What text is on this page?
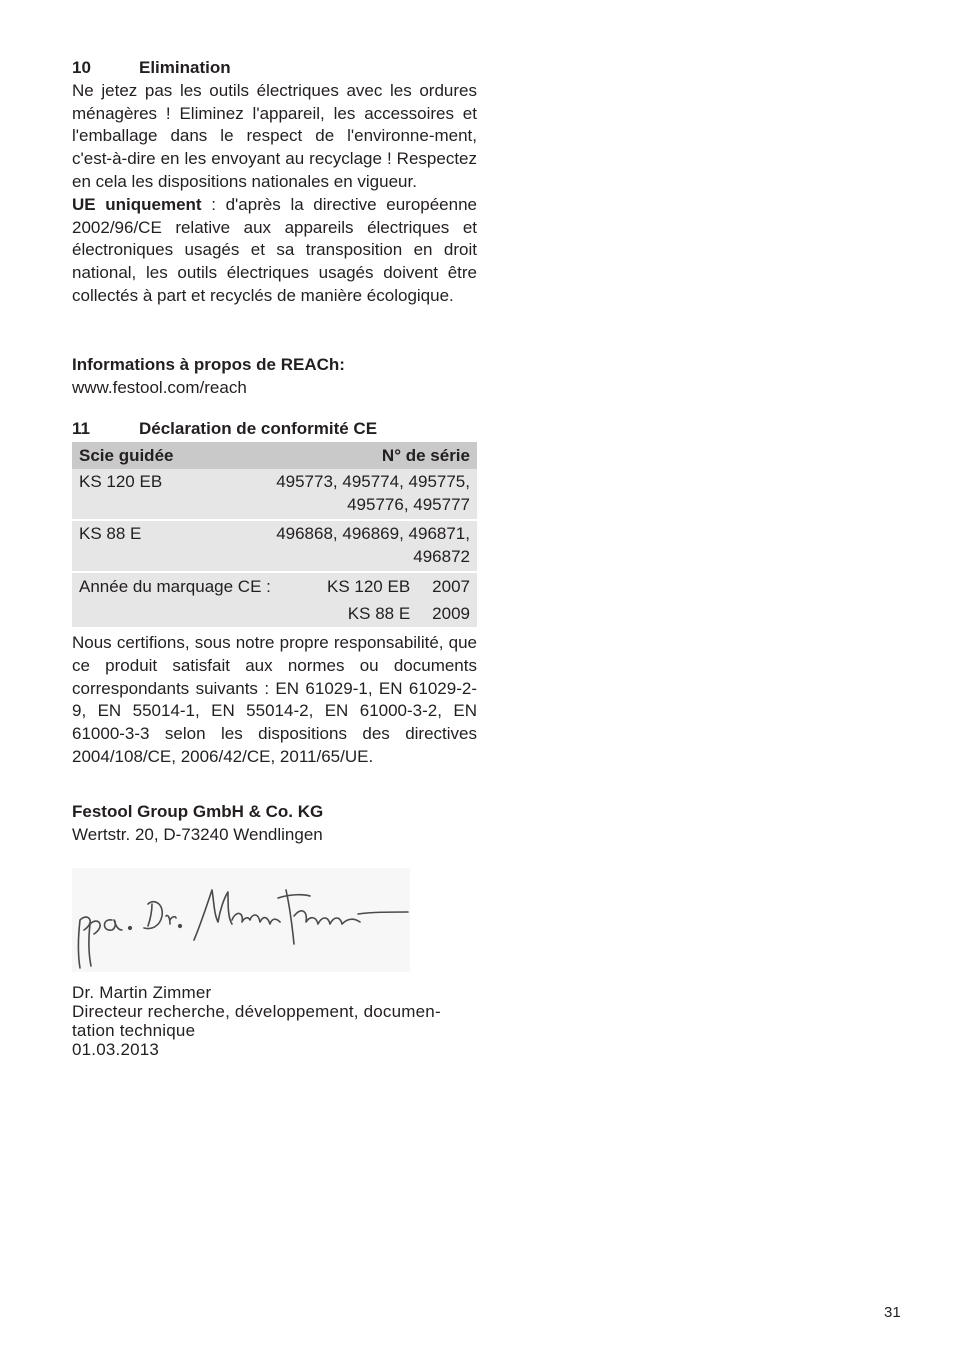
10	Elimination

Ne jetez pas les outils électriques avec les ordures ménagères ! Eliminez l'appareil, les accessoires et l'emballage dans le respect de l'environne-ment, c'est-à-dire en les envoyant au recyclage ! Respectez en cela les dispositions nationales en vigueur.

UE uniquement : d'après la directive européenne 2002/96/CE relative aux appareils électriques et électroniques usagés et sa transposition en droit national, les outils électriques usagés doivent être collectés à part et recyclés de manière écologique.

Informations à propos de REACh:

www.festool.com/reach

11	Déclaration de conformité CE
Scie guidée	N° de série
KS 120 EB	495773, 495774, 495775,
495776, 495777

KS 88 E	496868, 496869, 496871,
496872

Année du marquage CE : KS 120 EB 2007
KS 88 E 2009	

Nous certifions, sous notre propre responsabilité, que ce produit satisfait aux normes ou documents correspondants suivants : EN 61029-1, EN 61029-2-9, EN 55014-1, EN 55014-2, EN 61000-3-2, EN 61000-3-3 selon les dispositions des directives 2004/108/CE, 2006/42/CE, 2011/65/UE.

Festool Group GmbH & Co. KG

Wertstr. 20, D-73240 Wendlingen

Dr. Martin Zimmer

Directeur recherche, développement, documen-

tation technique

01.03.2013

31
